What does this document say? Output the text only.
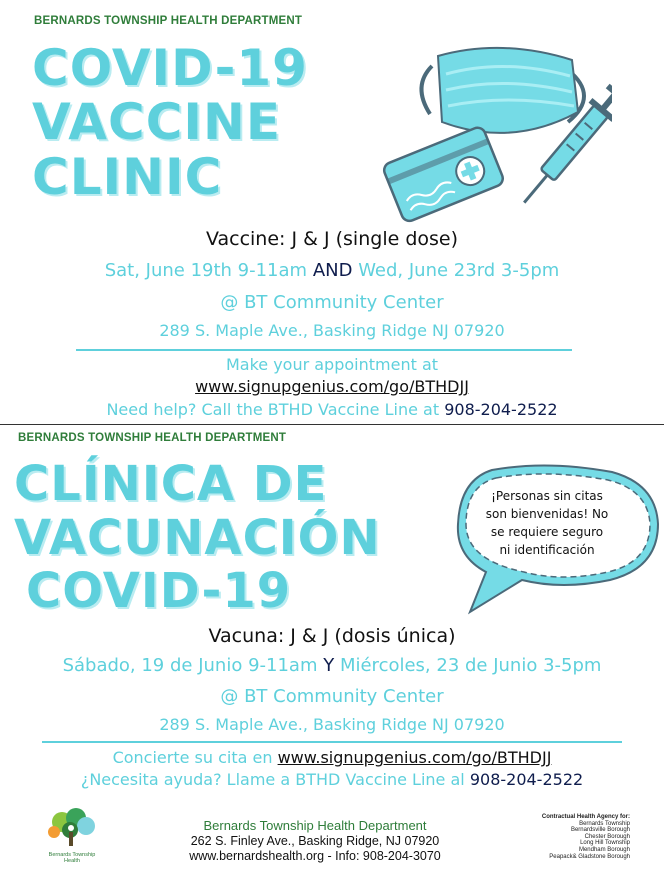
BERNARDS TOWNSHIP HEALTH DEPARTMENT
COVID-19
VACCINE
CLINIC
Vaccine: J & J (single dose)
Sat, June 19th 9-11am AND Wed, June 23rd 3-5pm
@ BT Community Center
289 S. Maple Ave., Basking Ridge NJ 07920
Make your appointment at
www.signupgenius.com/go/BTHDJJ
Need help? Call the BTHD Vaccine Line at 908-204-2522
BERNARDS TOWNSHIP HEALTH DEPARTMENT
CLÍNICA DE
VACUNACIÓN
COVID-19
¡Personas sin citas
son bienvenidas! No
se requiere seguro
ni identificación
Vacuna: J & J (dosis única)
Sábado, 19 de Junio 9-11am Y Miércoles, 23 de Junio 3-5pm
@ BT Community Center
289 S. Maple Ave., Basking Ridge NJ 07920
Concierte su cita en www.signupgenius.com/go/BTHDJJ
¿Necesita ayuda? Llame a BTHD Vaccine Line al 908-204-2522
Bernards Township
Health
Bernards Township Health Department
262 S. Finley Ave., Basking Ridge, NJ 07920
www.bernardshealth.org - Info: 908-204-3070
Contractual Health Agency for:
Bernards Township
Bernardsville Borough
Chester Borough
Long Hill Township
Mendham Borough
Peapack& Gladstone Borough
